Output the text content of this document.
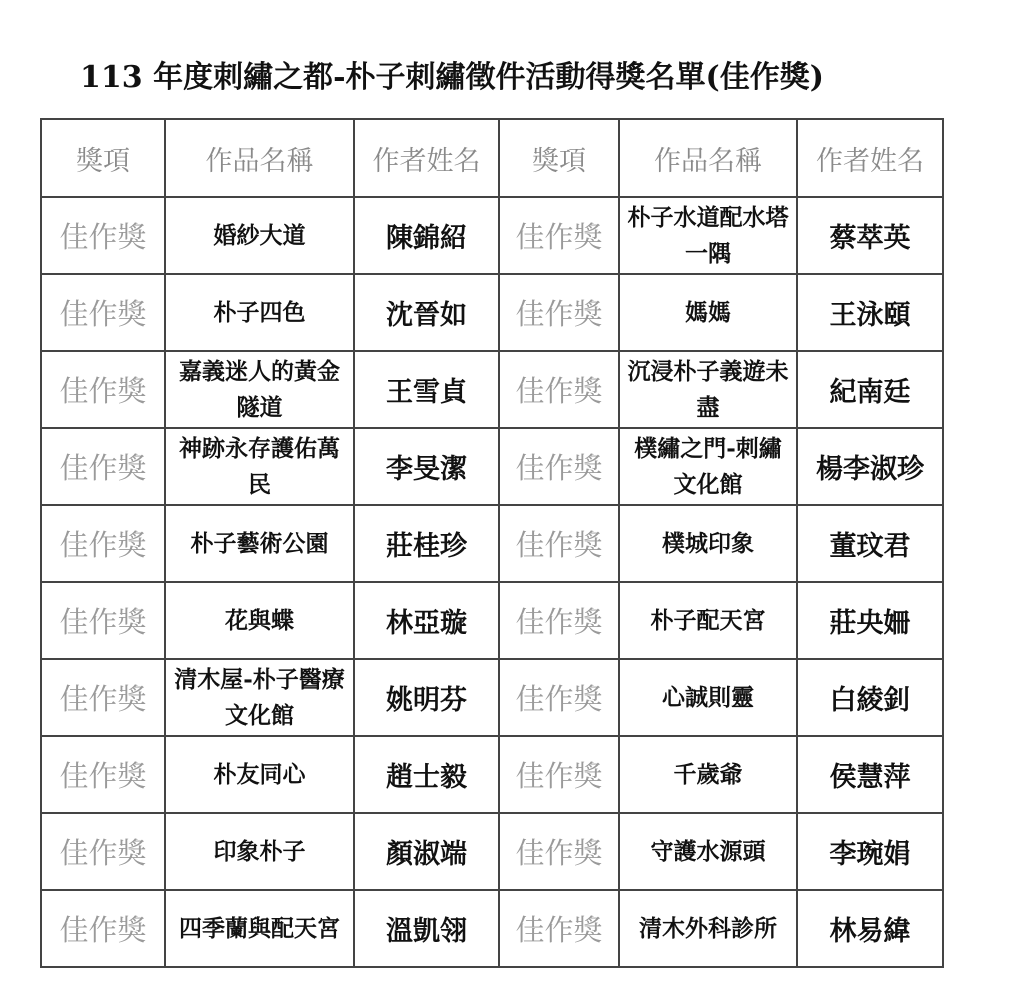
113 年度刺繡之都-朴子刺繡徵件活動得獎名單(佳作獎)
獎項	作品名稱	作者姓名	獎項	作品名稱	作者姓名
佳作獎	婚紗大道	陳錦紹	佳作獎	朴子水道配水塔一隅	蔡萃英
佳作獎	朴子四色	沈晉如	佳作獎	媽媽	王泳頤
佳作獎	嘉義迷人的黃金隧道	王雪貞	佳作獎	沉浸朴子義遊未盡	紀南廷
佳作獎	神跡永存護佑萬民	李旻潔	佳作獎	樸繡之門-刺繡文化館	楊李淑珍
佳作獎	朴子藝術公園	莊桂珍	佳作獎	樸城印象	董玟君
佳作獎	花與蝶	林亞璇	佳作獎	朴子配天宮	莊央姍
佳作獎	清木屋-朴子醫療文化館	姚明芬	佳作獎	心誠則靈	白綾釗
佳作獎	朴友同心	趙士毅	佳作獎	千歲爺	侯慧萍
佳作獎	印象朴子	顏淑端	佳作獎	守護水源頭	李琬娟
佳作獎	四季蘭與配天宮	溫凱翎	佳作獎	清木外科診所	林易緯
